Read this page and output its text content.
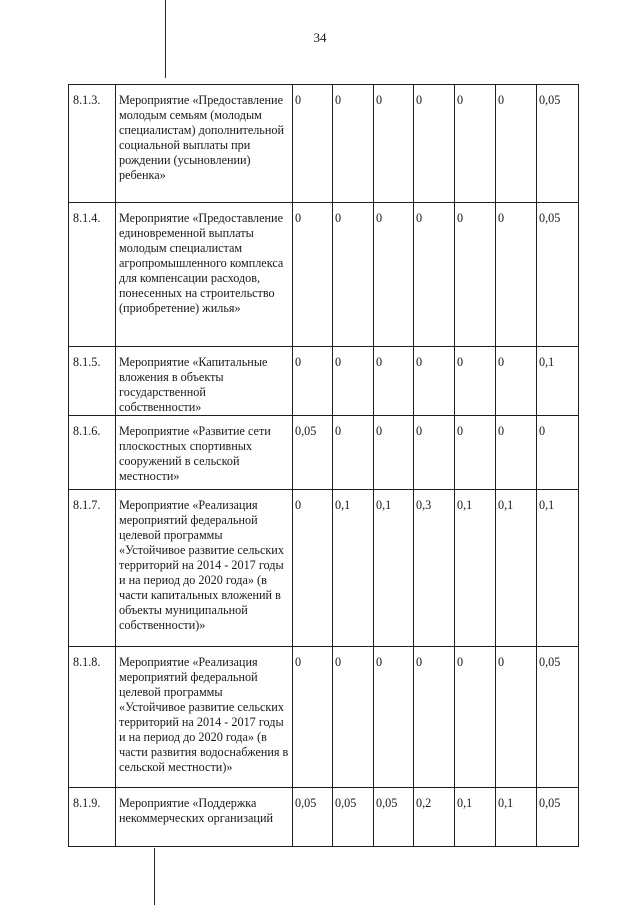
34
8.1.3.	Мероприятие «Предоставление молодым семьям (молодым специалистам) дополнительной социальной выплаты при рождении (усыновлении) ребенка»	0	0	0	0	0	0	0,05
8.1.4.	Мероприятие «Предоставление единовременной выплаты молодым специалистам агропромышленного комплекса для компенсации расходов, понесенных на строительство (приобретение) жилья»	0	0	0	0	0	0	0,05
8.1.5.	Мероприятие «Капитальные вложения в объекты государственной собственности»	0	0	0	0	0	0	0,1
8.1.6.	Мероприятие «Развитие сети плоскостных спортивных сооружений в сельской местности»	0,05	0	0	0	0	0	0
8.1.7.	Мероприятие «Реализация мероприятий федеральной целевой программы «Устойчивое развитие сельских территорий на 2014 - 2017 годы и на период до 2020 года» (в части капитальных вложений в объекты муниципальной собственности)»	0	0,1	0,1	0,3	0,1	0,1	0,1
8.1.8.	Мероприятие «Реализация мероприятий федеральной целевой программы «Устойчивое развитие сельских территорий на 2014 - 2017 годы и на период до 2020 года» (в части развития водоснабжения в сельской местности)»	0	0	0	0	0	0	0,05
8.1.9.	Мероприятие «Поддержка некоммерческих организаций	0,05	0,05	0,05	0,2	0,1	0,1	0,05
